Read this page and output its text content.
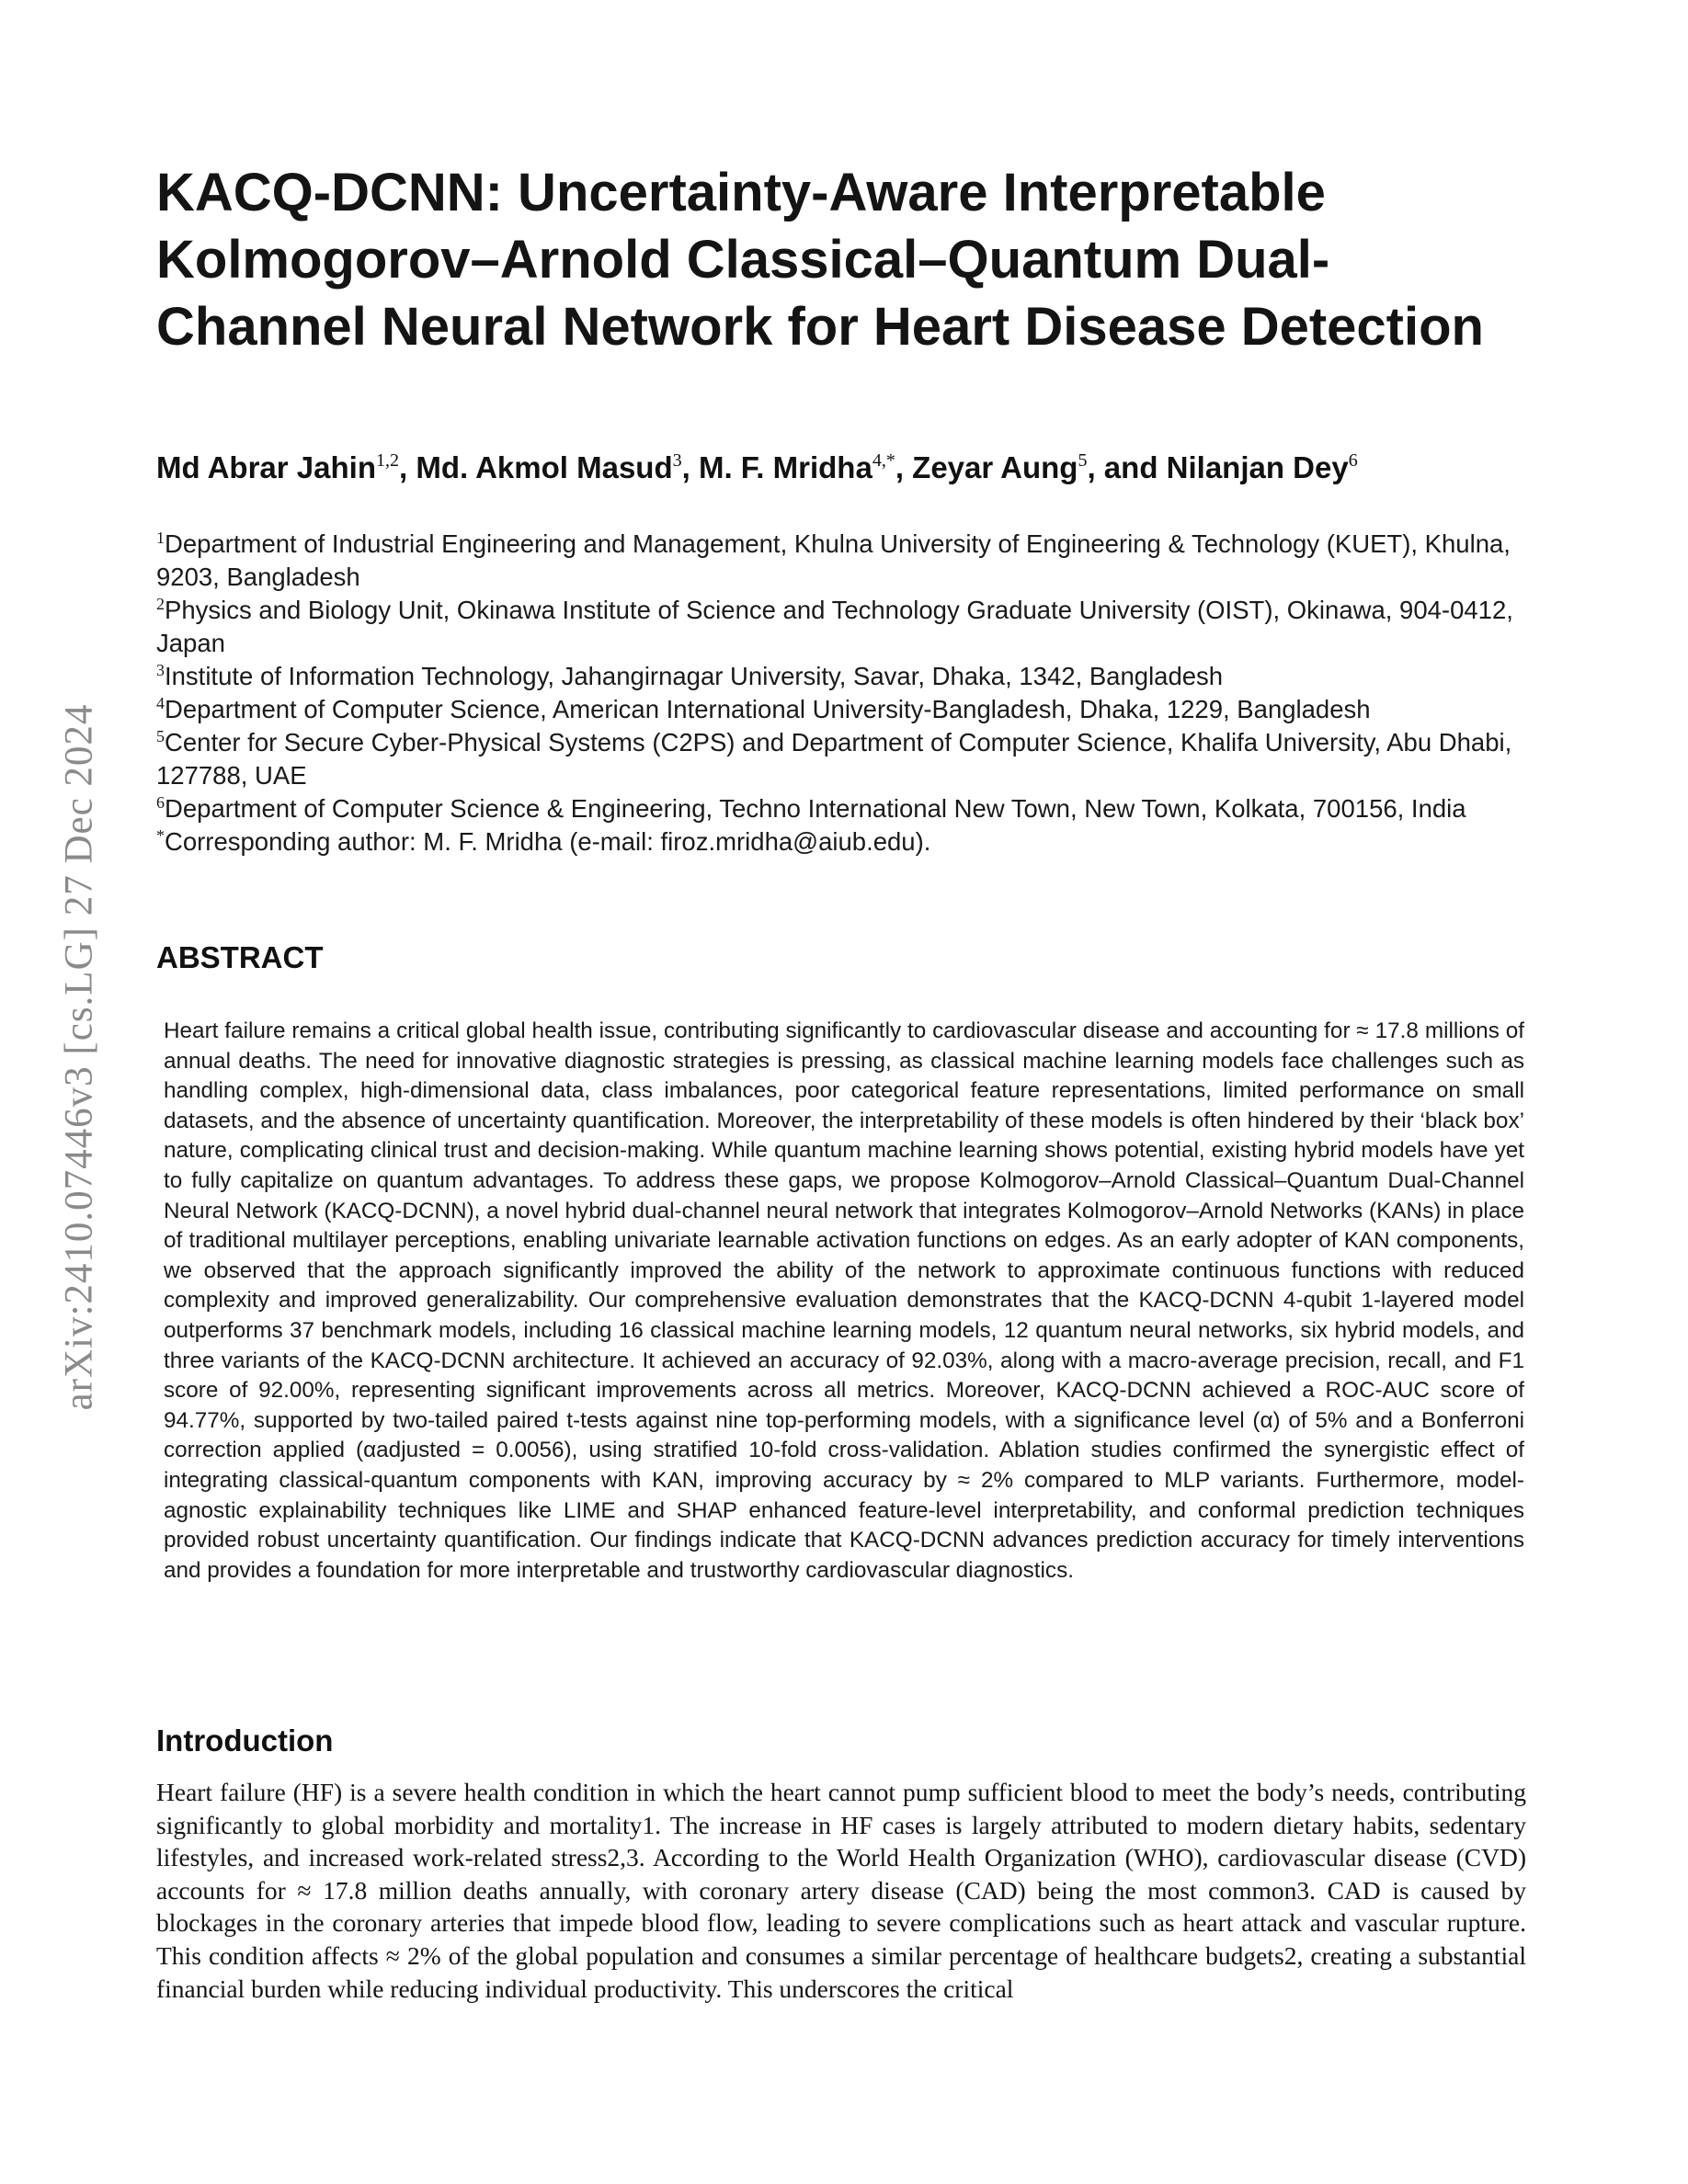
arXiv:2410.07446v3 [cs.LG] 27 Dec 2024
KACQ-DCNN: Uncertainty-Aware Interpretable Kolmogorov–Arnold Classical–Quantum Dual-Channel Neural Network for Heart Disease Detection
Md Abrar Jahin$^{1,2}$, Md. Akmol Masud$^3$, M. F. Mridha$^{4,*}$, Zeyar Aung$^5$, and Nilanjan Dey$^6$

$^1$Department of Industrial Engineering and Management, Khulna University of Engineering & Technology (KUET), Khulna, 9203, Bangladesh

$^2$Physics and Biology Unit, Okinawa Institute of Science and Technology Graduate University (OIST), Okinawa, 904-0412, Japan

$^3$Institute of Information Technology, Jahangirnagar University, Savar, Dhaka, 1342, Bangladesh

$^4$Department of Computer Science, American International University-Bangladesh, Dhaka, 1229, Bangladesh

$^5$Center for Secure Cyber-Physical Systems (C2PS) and Department of Computer Science, Khalifa University, Abu Dhabi, 127788, UAE

$^6$Department of Computer Science & Engineering, Techno International New Town, New Town, Kolkata, 700156, India

*Corresponding author: M. F. Mridha (e-mail: firoz.mridha@aiub.edu).

ABSTRACT

Heart failure remains a critical global health issue, contributing significantly to cardiovascular disease and accounting for ≈ 17.8 millions of annual deaths. The need for innovative diagnostic strategies is pressing, as classical machine learning models face challenges such as handling complex, high-dimensional data, class imbalances, poor categorical feature representations, limited performance on small datasets, and the absence of uncertainty quantification. Moreover, the interpretability of these models is often hindered by their ‘black box’ nature, complicating clinical trust and decision-making. While quantum machine learning shows potential, existing hybrid models have yet to fully capitalize on quantum advantages. To address these gaps, we propose Kolmogorov–Arnold Classical–Quantum Dual-Channel Neural Network (KACQ-DCNN), a novel hybrid dual-channel neural network that integrates Kolmogorov–Arnold Networks (KANs) in place of traditional multilayer perceptions, enabling univariate learnable activation functions on edges. As an early adopter of KAN components, we observed that the approach significantly improved the ability of the network to approximate continuous functions with reduced complexity and improved generalizability. Our comprehensive evaluation demonstrates that the KACQ-DCNN 4-qubit 1-layered model outperforms 37 benchmark models, including 16 classical machine learning models, 12 quantum neural networks, six hybrid models, and three variants of the KACQ-DCNN architecture. It achieved an accuracy of 92.03%, along with a macro-average precision, recall, and F1 score of 92.00%, representing significant improvements across all metrics. Moreover, KACQ-DCNN achieved a ROC-AUC score of 94.77%, supported by two-tailed paired t-tests against nine top-performing models, with a significance level (α) of 5% and a Bonferroni correction applied (αadjusted = 0.0056), using stratified 10-fold cross-validation. Ablation studies confirmed the synergistic effect of integrating classical-quantum components with KAN, improving accuracy by ≈ 2% compared to MLP variants. Furthermore, model-agnostic explainability techniques like LIME and SHAP enhanced feature-level interpretability, and conformal prediction techniques provided robust uncertainty quantification. Our findings indicate that KACQ-DCNN advances prediction accuracy for timely interventions and provides a foundation for more interpretable and trustworthy cardiovascular diagnostics.

Introduction

Heart failure (HF) is a severe health condition in which the heart cannot pump sufficient blood to meet the body’s needs, contributing significantly to global morbidity and mortality1. The increase in HF cases is largely attributed to modern dietary habits, sedentary lifestyles, and increased work-related stress2,3. According to the World Health Organization (WHO), cardiovascular disease (CVD) accounts for ≈ 17.8 million deaths annually, with coronary artery disease (CAD) being the most common3. CAD is caused by blockages in the coronary arteries that impede blood flow, leading to severe complications such as heart attack and vascular rupture. This condition affects ≈ 2% of the global population and consumes a similar percentage of healthcare budgets2, creating a substantial financial burden while reducing individual productivity. This underscores the critical
